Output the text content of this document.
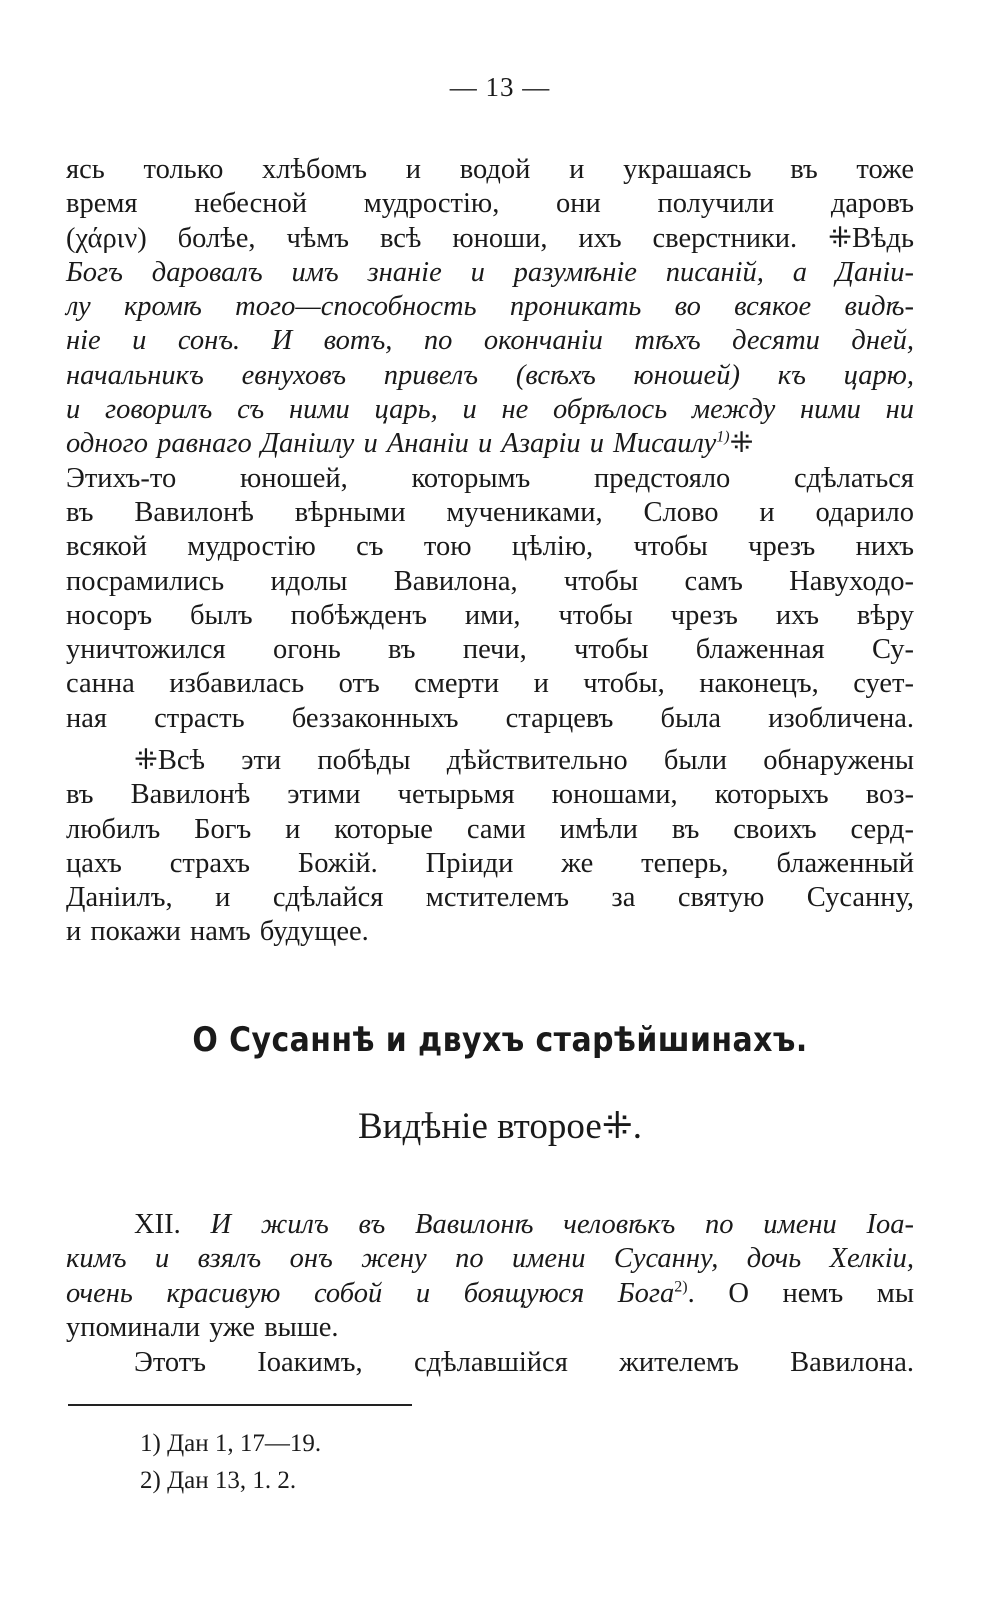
— 13 —

ясь только хлѣбомъ и водой и украшаясь въ тоже

время небесной мудростію, они получили даровъ

(χάριν) болѣе, чѣмъ всѣ юноши, ихъ сверстники. ⁜Вѣдь

Богъ даровалъ имъ знаніе и разумѣніе писаній, а Даніи-

лу кромѣ того—способность проникать во всякое видѣ-

ніе и сонъ. И вотъ, по окончаніи тѣхъ десяти дней,

начальникъ евнуховъ привелъ (всѣхъ юношей) къ царю,

и говорилъ съ ними царь, и не обрѣлось между ними ни

одного равнаго Даніилу и Ананіи и Азаріи и Мисаилу$^{1)}$⁜

Этихъ-то юношей, которымъ предстояло сдѣлаться

въ Вавилонѣ вѣрными мучениками, Слово и одарило

всякой мудростію съ тою цѣлію, чтобы чрезъ нихъ

посрамились идолы Вавилона, чтобы самъ Навуходо-

носоръ былъ побѣжденъ ими, чтобы чрезъ ихъ вѣру

уничтожился огонь въ печи, чтобы блаженная Су-

санна избавилась отъ смерти и чтобы, наконецъ, сует-

ная страсть беззаконныхъ старцевъ была изобличена.

⁜Всѣ эти побѣды дѣйствительно были обнаружены

въ Вавилонѣ этими четырьмя юношами, которыхъ воз-

любилъ Богъ и которые сами имѣли въ своихъ серд-

цахъ страхъ Божій. Пріиди же теперь, блаженный

Даніилъ, и сдѣлайся мстителемъ за святую Сусанну,

и покажи намъ будущее.

О Сусаннѣ и двухъ старѣйшинахъ.
Видѣніе второе⁜.

XII. И жилъ въ Вавилонѣ человѣкъ по имени Іоа-

кимъ и взялъ онъ жену по имени Сусанну, дочь Хелкіи,

очень красивую собой и боящуюся Бога$^{2)}$. О немъ мы

упоминали уже выше.

Этотъ Іоакимъ, сдѣлавшійся жителемъ Вавилона.

1) Дан 1, 17—19.

2) Дан 13, 1. 2.
